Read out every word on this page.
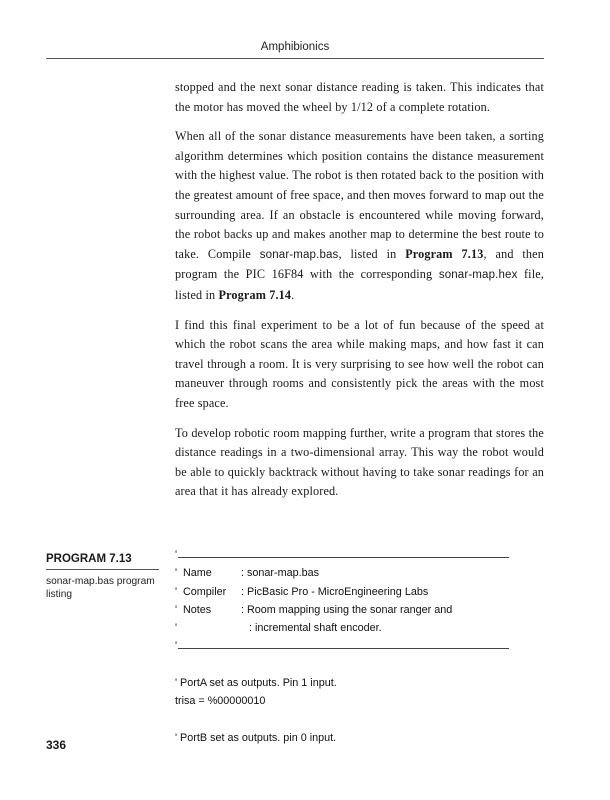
Amphibionics

stopped and the next sonar distance reading is taken. This indicates that the motor has moved the wheel by 1/12 of a complete rotation.

When all of the sonar distance measurements have been taken, a sorting algorithm determines which position contains the distance measurement with the highest value. The robot is then rotated back to the position with the greatest amount of free space, and then moves forward to map out the surrounding area. If an obstacle is encountered while moving forward, the robot backs up and makes another map to determine the best route to take. Compile sonar-map.bas, listed in Program 7.13, and then program the PIC 16F84 with the corresponding sonar-map.hex file, listed in Program 7.14.

I find this final experiment to be a lot of fun because of the speed at which the robot scans the area while making maps, and how fast it can travel through a room. It is very surprising to see how well the robot can maneuver through rooms and consistently pick the areas with the most free space.

To develop robotic room mapping further, write a program that stores the distance readings in a two-dimensional array. This way the robot would be able to quickly backtrack without having to take sonar readings for an area that it has already explored.

PROGRAM 7.13
sonar-map.bas program listing
'
' Name	: sonar-map.bas
' Compiler : PicBasic Pro - MicroEngineering Labs
' Notes	: Room mapping using the sonar ranger and
'	: incremental shaft encoder.
'
' PortA set as outputs. Pin 1 input.
trisa = %00000010
' PortB set as outputs. pin 0 input.
336
